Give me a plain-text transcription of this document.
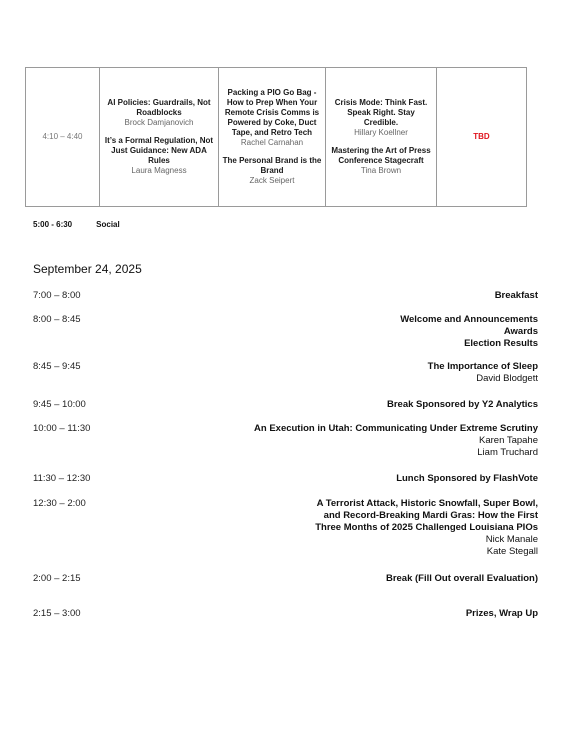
4:10 – 4:40	
AI Policies: Guardrails, Not Roadblocks
Brock Damjanovich
It’s a Formal Regulation, Not Just Guidance: New ADA Rules
Laura Magness

Packing a PIO Go Bag - How to Prep When Your Remote Crisis Comms is Powered by Coke, Duct Tape, and Retro Tech
Rachel Carnahan
The Personal Brand is the Brand
Zack Seipert

Crisis Mode: Think Fast. Speak Right. Stay Credible.
Hillary Koellner
Mastering the Art of Press Conference Stagecraft
Tina Brown

TBD
5:00 - 6:30	Social
September 24, 2025
7:00 – 8:00	Breakfast
8:00 – 8:45	Welcome and Announcements
Awards
Election Results
8:45 – 9:45	The Importance of Sleep
David Blodgett
9:45 – 10:00	Break Sponsored by Y2 Analytics
10:00 – 11:30	An Execution in Utah: Communicating Under Extreme Scrutiny
Karen Tapahe
Liam Truchard
11:30 – 12:30	Lunch Sponsored by FlashVote
12:30 – 2:00	A Terrorist Attack, Historic Snowfall, Super Bowl,
and Record-Breaking Mardi Gras: How the First
Three Months of 2025 Challenged Louisiana PIOs
Nick Manale
Kate Stegall
2:00 – 2:15	Break (Fill Out overall Evaluation)
2:15 – 3:00	Prizes, Wrap Up
